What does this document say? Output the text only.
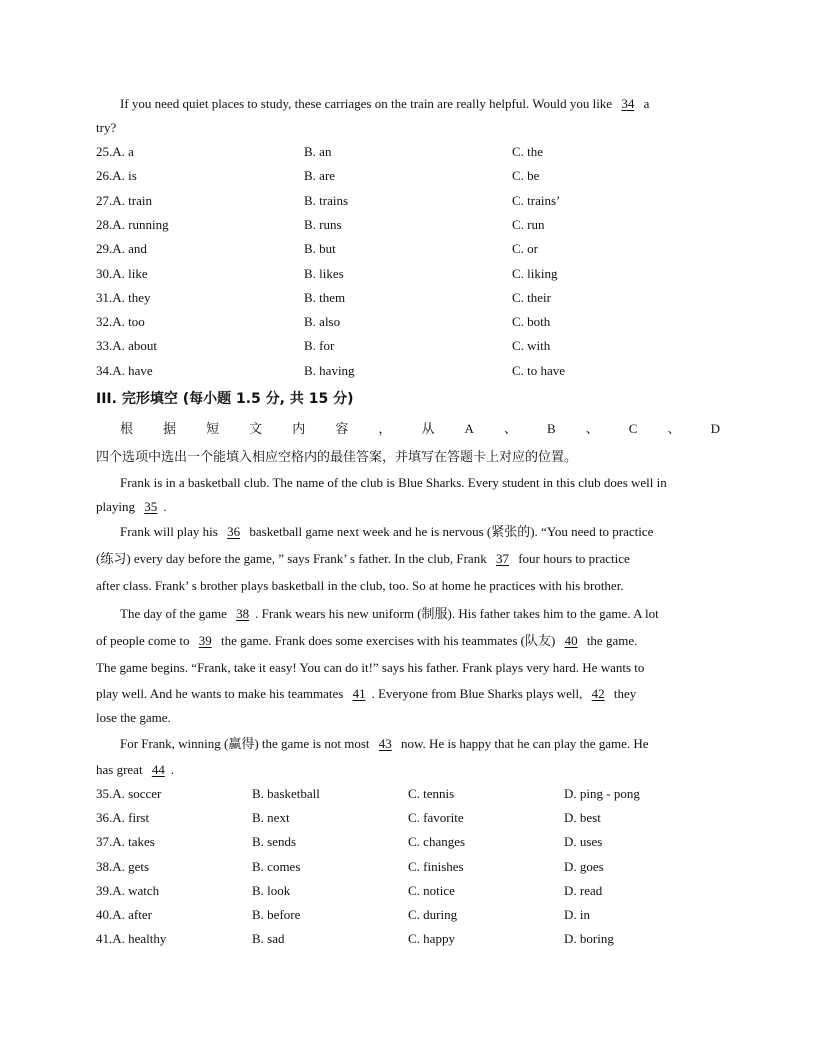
If you need quiet places to study, these carriages on the train are really helpful. Would you like 34 a
try?
25.A. a	B. an	C. the
26.A. is	B. are	C. be
27.A. train	B. trains	C. trains’
28.A. running	B. runs	C. run
29.A. and	B. but	C. or
30.A. like	B. likes	C. liking
31.A. they	B. them	C. their
32.A. too	B. also	C. both
33.A. about	B. for	C. with
34.A. have	B. having	C. to have
III. 完形填空 (每小题 1.5 分, 共 15 分)
根 据 短 文 内 容 ， 从 A 、 B 、 C 、 D
四个选项中选出一个能填入相应空格内的最佳答案，并填写在答题卡上对应的位置。
Frank is in a basketball club. The name of the club is Blue Sharks. Every student in this club does well in
playing 35 .
Frank will play his 36 basketball game next week and he is nervous (紧张的). “You need to practice
(练习) every day before the game, ” says Frank’ s father. In the club, Frank 37 four hours to practice
after class. Frank’ s brother plays basketball in the club, too. So at home he practices with his brother.
The day of the game 38 . Frank wears his new uniform (制服). His father takes him to the game. A lot
of people come to 39 the game. Frank does some exercises with his teammates (队友) 40 the game.
The game begins. “Frank, take it easy! You can do it!” says his father. Frank plays very hard. He wants to
play well. And he wants to make his teammates 41 . Everyone from Blue Sharks plays well, 42 they
lose the game.
For Frank, winning (赢得) the game is not most 43 now. He is happy that he can play the game. He
has great 44 .
35.A. soccer	B. basketball	C. tennis	D. ping - pong
36.A. first	B. next	C. favorite	D. best
37.A. takes	B. sends	C. changes	D. uses
38.A. gets	B. comes	C. finishes	D. goes
39.A. watch	B. look	C. notice	D. read
40.A. after	B. before	C. during	D. in
41.A. healthy	B. sad	C. happy	D. boring
